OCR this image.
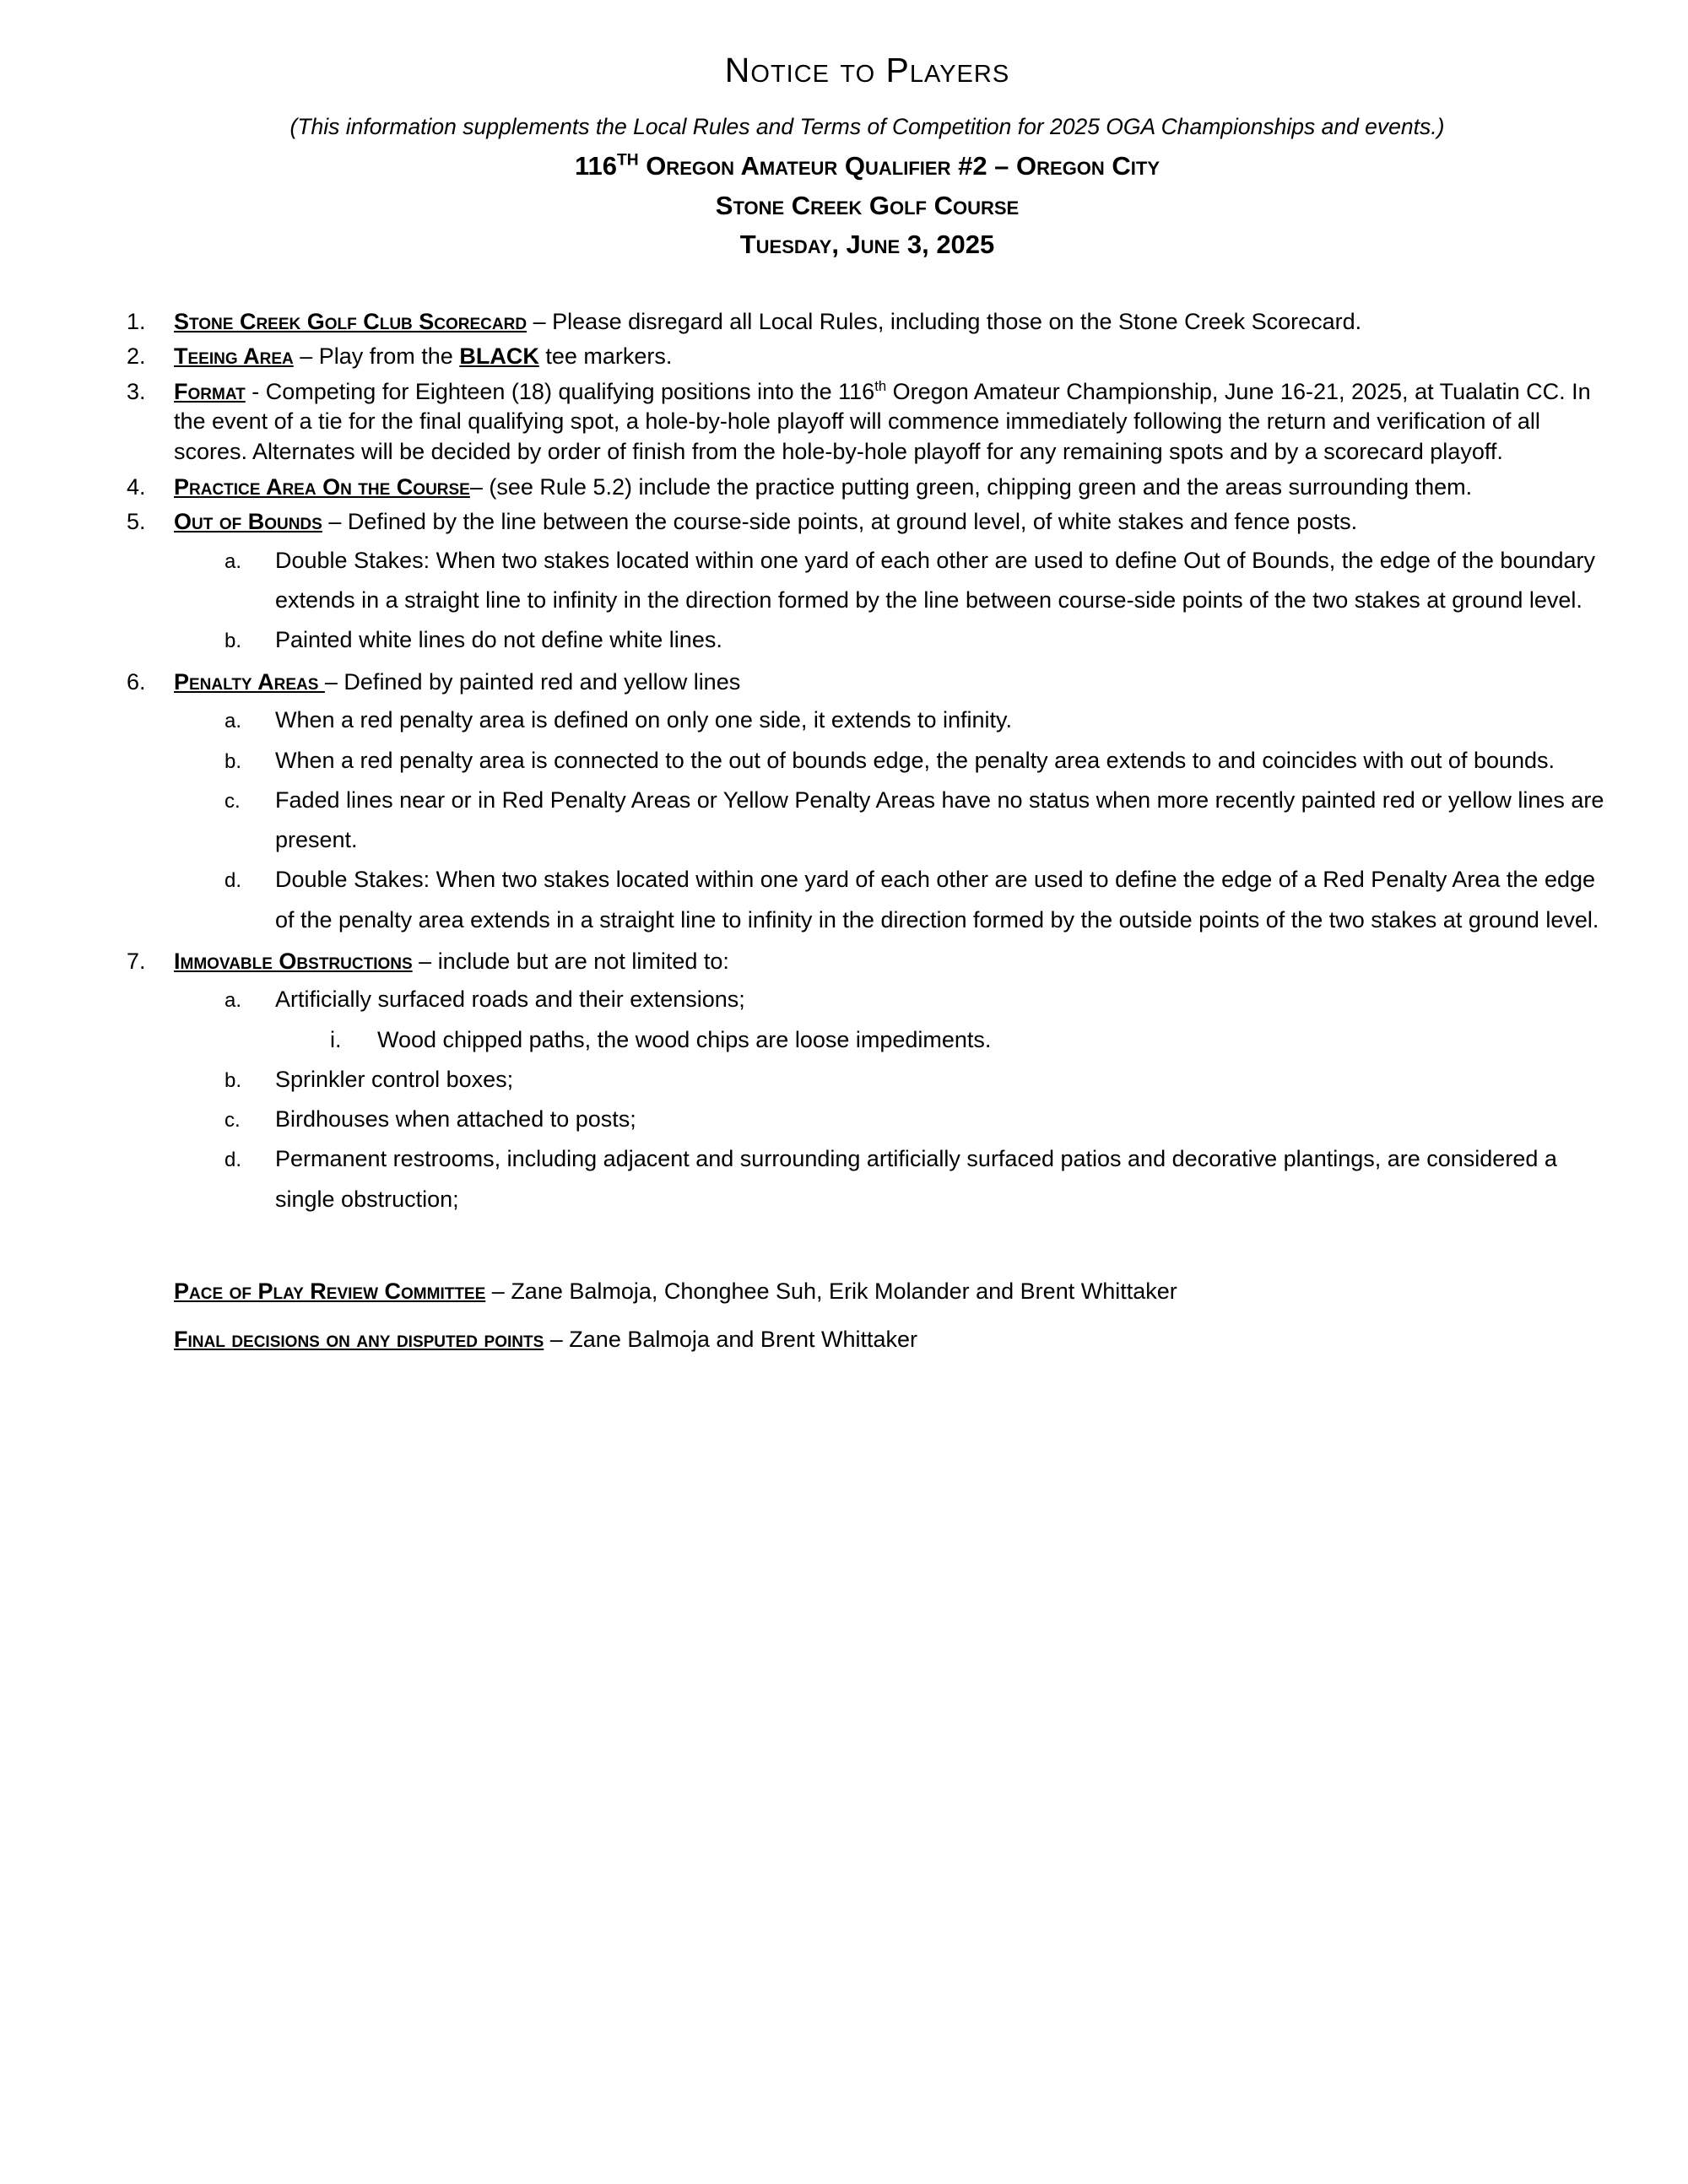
Notice to Players

(This information supplements the Local Rules and Terms of Competition for 2025 OGA Championships and events.)

116TH Oregon Amateur Qualifier #2 – Oregon City
Stone Creek Golf Course
Tuesday, June 3, 2025
1.	Stone Creek Golf Club Scorecard – Please disregard all Local Rules, including those on the Stone Creek Scorecard.
2.	Teeing Area – Play from the BLACK tee markers.
3.	Format - Competing for Eighteen (18) qualifying positions into the 116th Oregon Amateur Championship, June 16-21, 2025, at Tualatin CC. In the event of a tie for the final qualifying spot, a hole-by-hole playoff will commence immediately following the return and verification of all scores. Alternates will be decided by order of finish from the hole-by-hole playoff for any remaining spots and by a scorecard playoff.
4.	Practice Area On the Course– (see Rule 5.2) include the practice putting green, chipping green and the areas surrounding them.
5.	Out of Bounds – Defined by the line between the course-side points, at ground level, of white stakes and fence posts.
a.	Double Stakes: When two stakes located within one yard of each other are used to define Out of Bounds, the edge of the boundary extends in a straight line to infinity in the direction formed by the line between course-side points of the two stakes at ground level.
b.	Painted white lines do not define white lines.
6.	Penalty Areas – Defined by painted red and yellow lines
a.	When a red penalty area is defined on only one side, it extends to infinity.
b.	When a red penalty area is connected to the out of bounds edge, the penalty area extends to and coincides with out of bounds.
c.	Faded lines near or in Red Penalty Areas or Yellow Penalty Areas have no status when more recently painted red or yellow lines are present.
d.	Double Stakes: When two stakes located within one yard of each other are used to define the edge of a Red Penalty Area the edge of the penalty area extends in a straight line to infinity in the direction formed by the outside points of the two stakes at ground level.
7.	Immovable Obstructions – include but are not limited to:
a.	Artificially surfaced roads and their extensions;
i.	Wood chipped paths, the wood chips are loose impediments.
b.	Sprinkler control boxes;
c.	Birdhouses when attached to posts;
d.	Permanent restrooms, including adjacent and surrounding artificially surfaced patios and decorative plantings, are considered a single obstruction;

Pace of Play Review Committee – Zane Balmoja, Chonghee Suh, Erik Molander and Brent Whittaker

Final decisions on any disputed points – Zane Balmoja and Brent Whittaker
